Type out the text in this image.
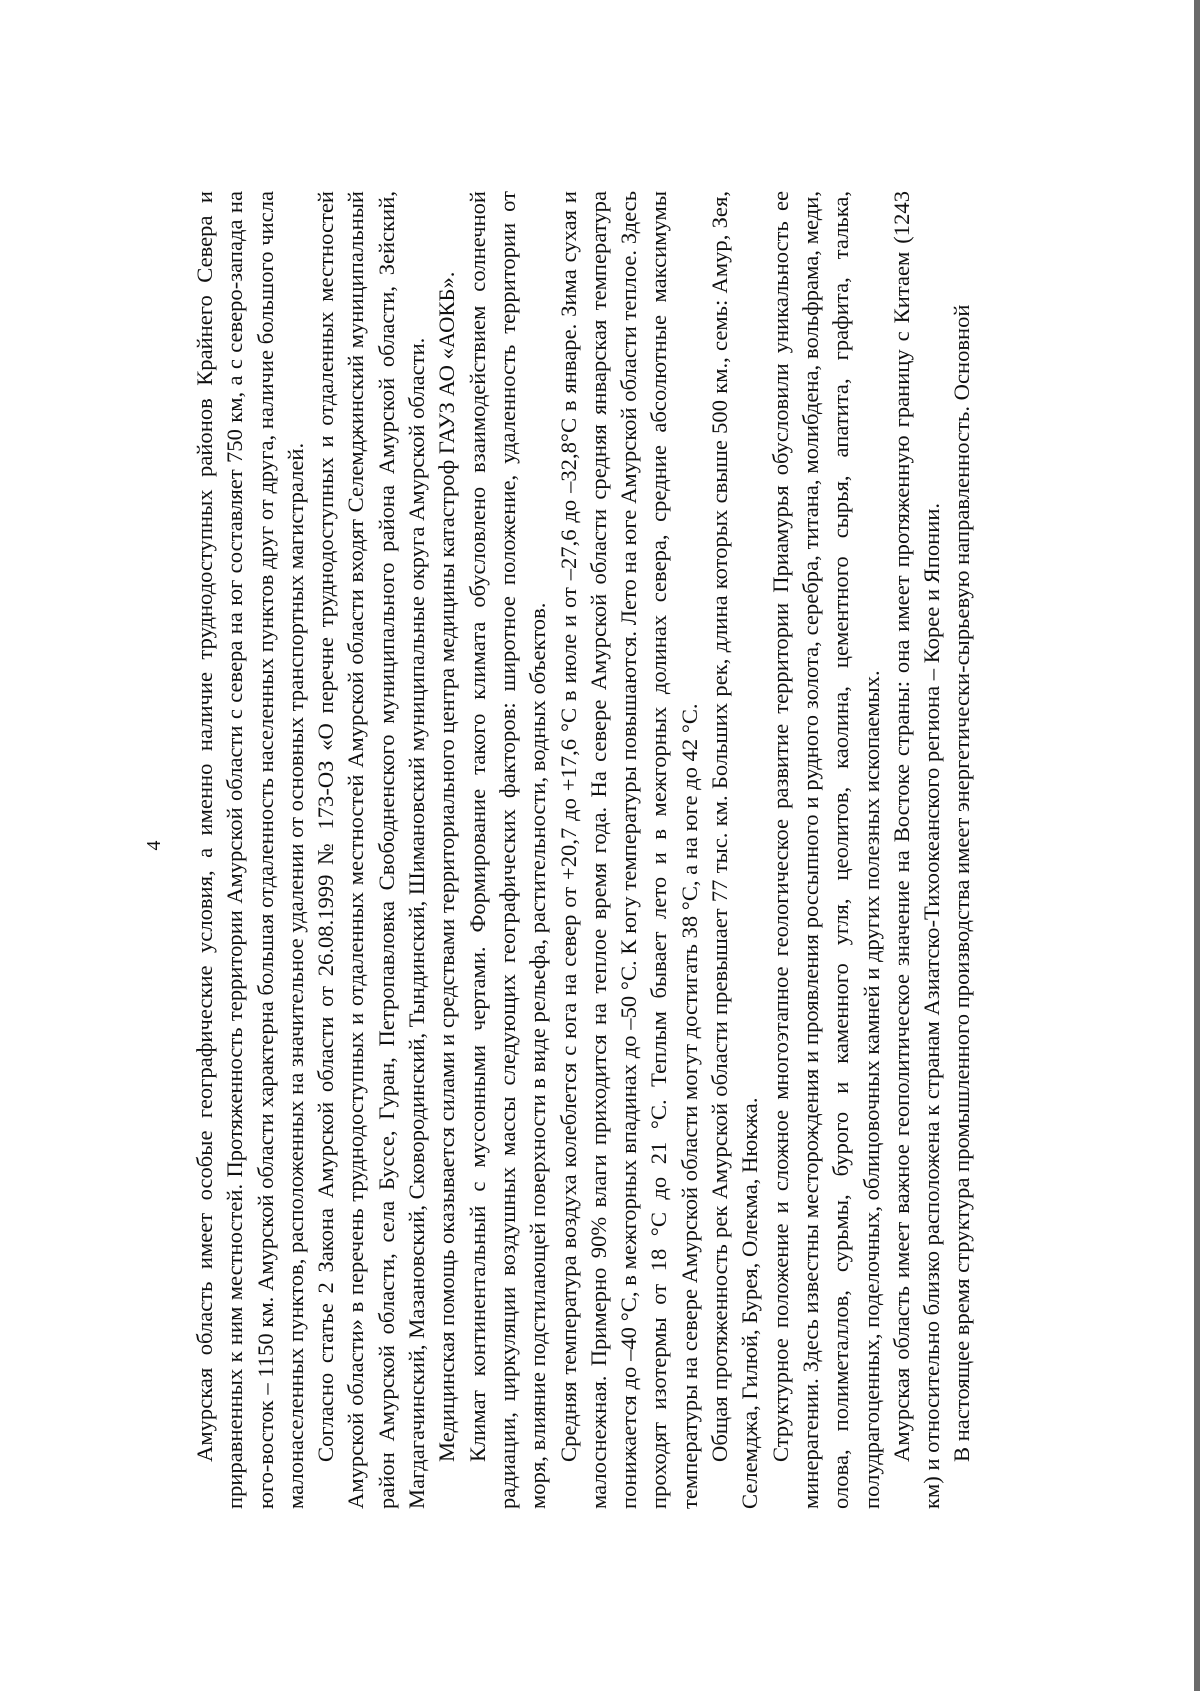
4 Амурская область имеет особые географические условия, а именно наличие труднодоступных районов Крайнего Севера и приравненных к ним местностей. Протяженность территории Амурской области с севера на юг составляет 750 км, а с северо-запада на юго-восток – 1150 км. Амурской области характерна большая отдаленность населенных пунктов друг от друга, наличие большого числа малонаселенных пунктов, расположенных на значительное удалении от основных транспортных магистралей. Согласно статье 2 Закона Амурской области от 26.08.1999 № 173-ОЗ «О перечне труднодоступных и отдаленных местностей Амурской области» в перечень труднодоступных и отдаленных местностей Амурской области входят Селемджинский муниципальный район Амурской области, села Буссе, Гуран, Петропавловка Свободненского муниципального района Амурской области, Зейский, Магдагачинский, Мазановский, Сковородинский, Тындинский, Шимановский муниципальные округа Амурской области. Медицинская помощь оказывается силами и средствами территориального центра медицины катастроф ГАУЗ АО «АОКБ». Климат континентальный с муссонными чертами. Формирование такого климата обусловлено взаимодействием солнечной радиации, циркуляции воздушных массы следующих географических факторов: широтное положение, удаленность территории от моря, влияние подстилающей поверхности в виде рельефа, растительности, водных объектов. Средняя температура воздуха колеблется с юга на север от +20,7 до +17,6 °С в июле и от –27,6 до –32,8°С в январе. Зима сухая и малоснежная. Примерно 90% влаги приходится на теплое время года. На севере Амурской области средняя январская температура понижается до –40 °С, в межгорных впадинах до –50 °С. К югу температуры повышаются. Лето на юге Амурской области теплое. Здесь проходят изотермы от 18 °С до 21 °С. Теплым бывает лето и в межгорных долинах севера, средние абсолютные максимумы температуры на севере Амурской области могут достигать 38 °С, а на юге до 42 °С. Общая протяженность рек Амурской области превышает 77 тыс. км. Больших рек, длина которых свыше 500 км., семь: Амур, Зея, Селемджа, Гилюй, Бурея, Олекма, Нюкжа. Структурное положение и сложное многоэтапное геологическое развитие территории Приамурья обусловили уникальность ее минерагении. Здесь известны месторождения и проявления россыпного и рудного золота, серебра, титана, молибдена, вольфрама, меди, олова, полиметаллов, сурьмы, бурого и каменного угля, цеолитов, каолина, цементного сырья, апатита, графита, талька, полудрагоценных, поделочных, облицовочных камней и других полезных ископаемых. Амурская область имеет важное геополитическое значение на Востоке страны: она имеет протяженную границу с Китаем (1243 км) и относительно близко расположена к странам Азиатско-Тихоокеанского региона – Корее и Японии. В настоящее время структура промышленного производства имеет энергетически-сырьевую направленность. Основной
